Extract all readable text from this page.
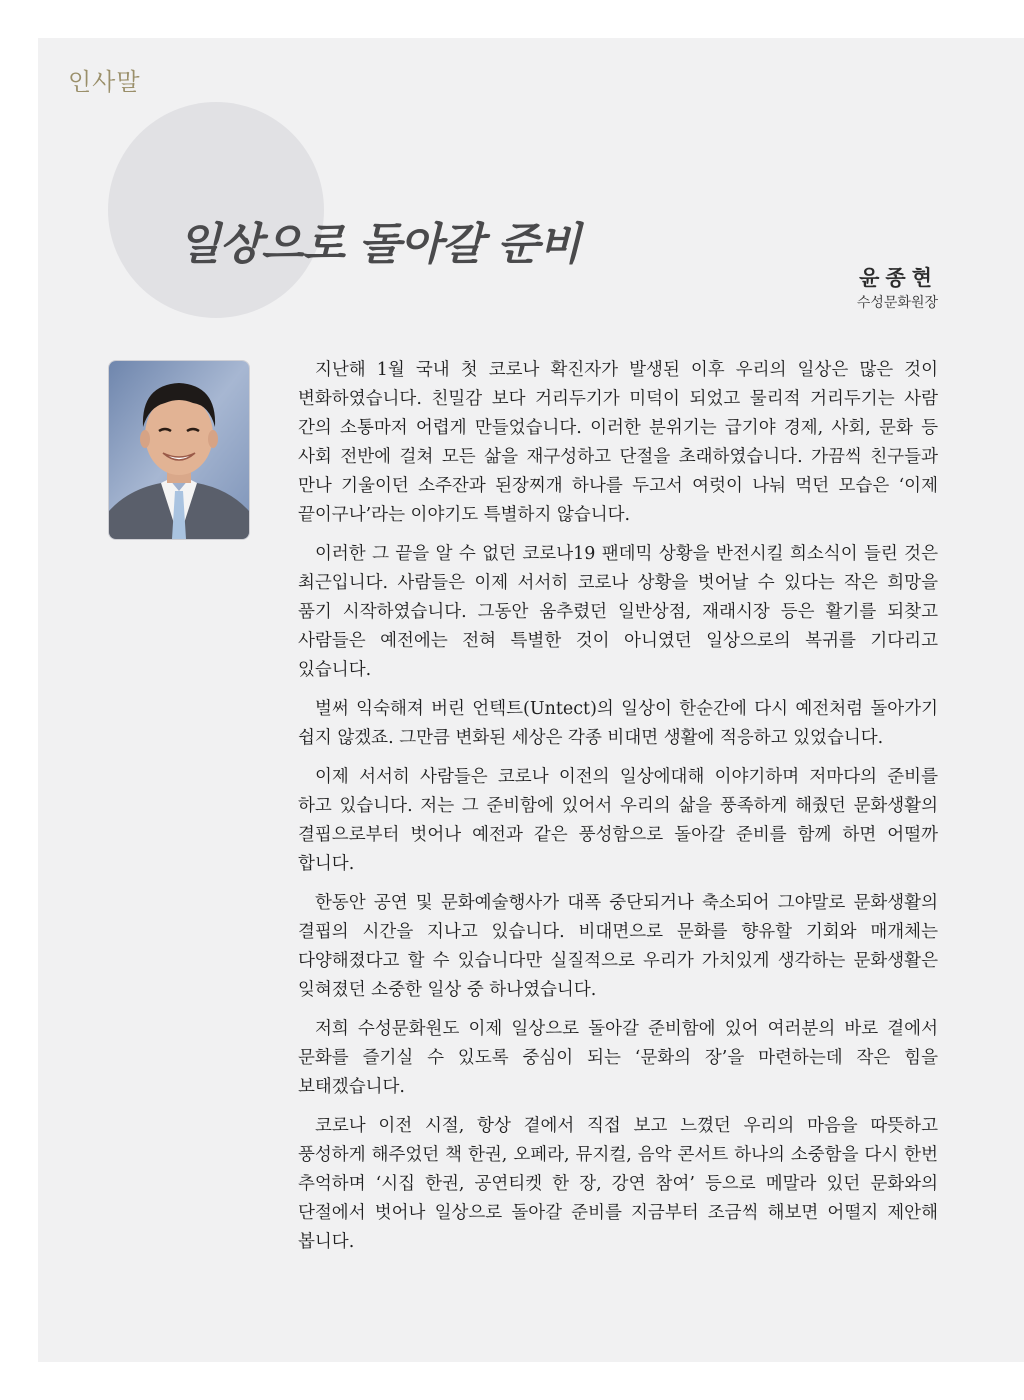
인사말
일상으로 돌아갈 준비
윤종현
수성문화원장

지난해 1월 국내 첫 코로나 확진자가 발생된 이후 우리의 일상은 많은 것이 변화하였습니다. 친밀감 보다 거리두기가 미덕이 되었고 물리적 거리두기는 사람 간의 소통마저 어렵게 만들었습니다. 이러한 분위기는 급기야 경제, 사회, 문화 등 사회 전반에 걸쳐 모든 삶을 재구성하고 단절을 초래하였습니다. 가끔씩 친구들과 만나 기울이던 소주잔과 된장찌개 하나를 두고서 여럿이 나눠 먹던 모습은 ‘이제 끝이구나’라는 이야기도 특별하지 않습니다.

이러한 그 끝을 알 수 없던 코로나19 팬데믹 상황을 반전시킬 희소식이 들린 것은 최근입니다. 사람들은 이제 서서히 코로나 상황을 벗어날 수 있다는 작은 희망을 품기 시작하였습니다. 그동안 움추렸던 일반상점, 재래시장 등은 활기를 되찾고 사람들은 예전에는 전혀 특별한 것이 아니였던 일상으로의 복귀를 기다리고 있습니다.

벌써 익숙해져 버린 언텍트(Untect)의 일상이 한순간에 다시 예전처럼 돌아가기 쉽지 않겠죠. 그만큼 변화된 세상은 각종 비대면 생활에 적응하고 있었습니다.

이제 서서히 사람들은 코로나 이전의 일상에대해 이야기하며 저마다의 준비를 하고 있습니다. 저는 그 준비함에 있어서 우리의 삶을 풍족하게 해줬던 문화생활의 결핍으로부터 벗어나 예전과 같은 풍성함으로 돌아갈 준비를 함께 하면 어떨까 합니다.

한동안 공연 및 문화예술행사가 대폭 중단되거나 축소되어 그야말로 문화생활의 결핍의 시간을 지나고 있습니다. 비대면으로 문화를 향유할 기회와 매개체는 다양해졌다고 할 수 있습니다만 실질적으로 우리가 가치있게 생각하는 문화생활은 잊혀졌던 소중한 일상 중 하나였습니다.

저희 수성문화원도 이제 일상으로 돌아갈 준비함에 있어 여러분의 바로 곁에서 문화를 즐기실 수 있도록 중심이 되는 ‘문화의 장’을 마련하는데 작은 힘을 보태겠습니다.

코로나 이전 시절, 항상 곁에서 직접 보고 느꼈던 우리의 마음을 따뜻하고 풍성하게 해주었던 책 한권, 오페라, 뮤지컬, 음악 콘서트 하나의 소중함을 다시 한번 추억하며 ‘시집 한권, 공연티켓 한 장, 강연 참여’ 등으로 메말라 있던 문화와의 단절에서 벗어나 일상으로 돌아갈 준비를 지금부터 조금씩 해보면 어떨지 제안해 봅니다.
